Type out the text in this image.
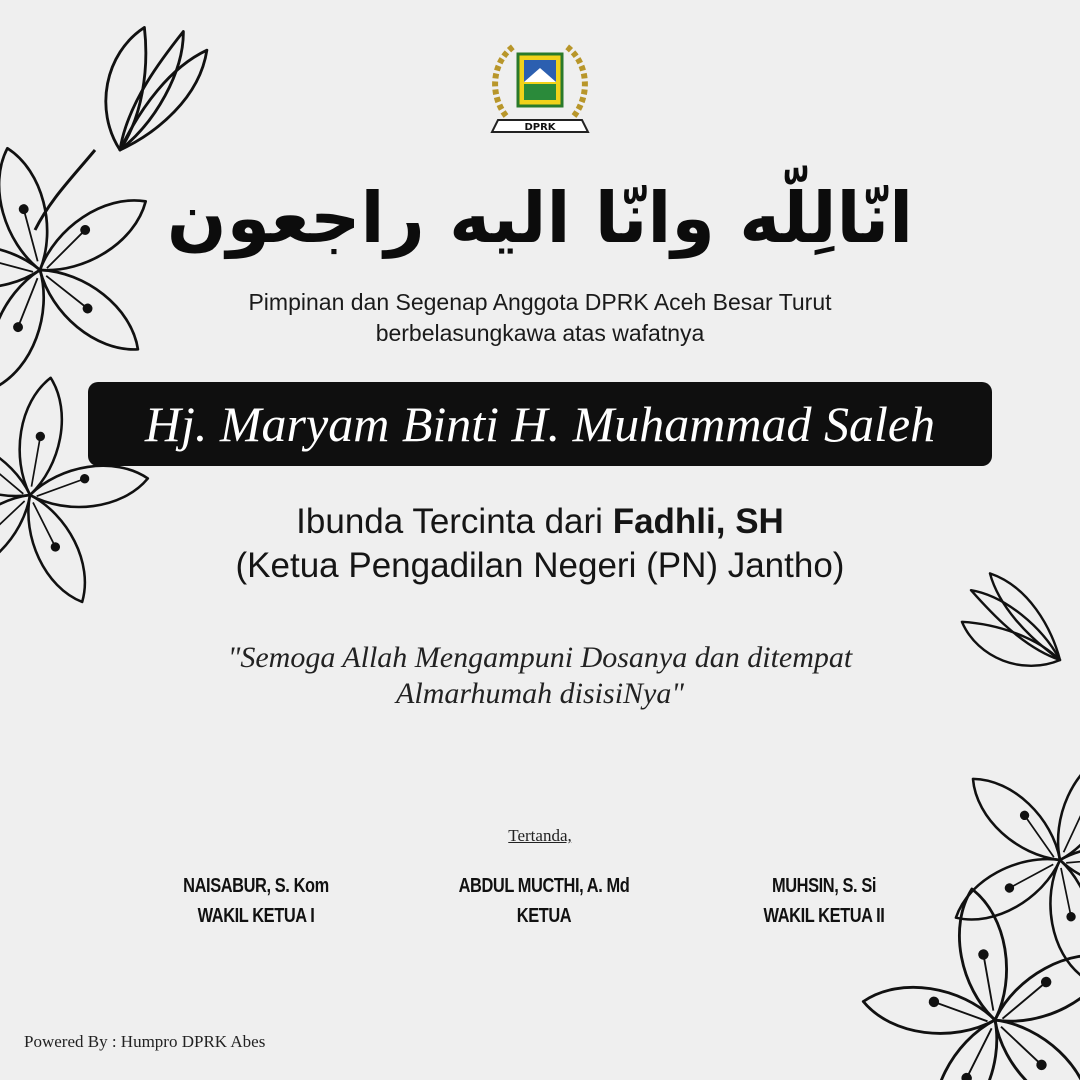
DPRK
انّالِلّه وانّا اليه راجعون
Pimpinan dan Segenap Anggota DPRK Aceh Besar Turut
berbelasungkawa atas wafatnya
Hj. Maryam Binti H. Muhammad Saleh
Ibunda Tercinta dari Fadhli, SH
(Ketua Pengadilan Negeri (PN) Jantho)
"Semoga Allah Mengampuni Dosanya dan ditempat
Almarhumah disisiNya"
Tertanda,
NAISABUR, S. Kom
WAKIL KETUA I
ABDUL MUCTHI, A. Md
KETUA
MUHSIN, S. Si
WAKIL KETUA II
Powered By : Humpro DPRK Abes
